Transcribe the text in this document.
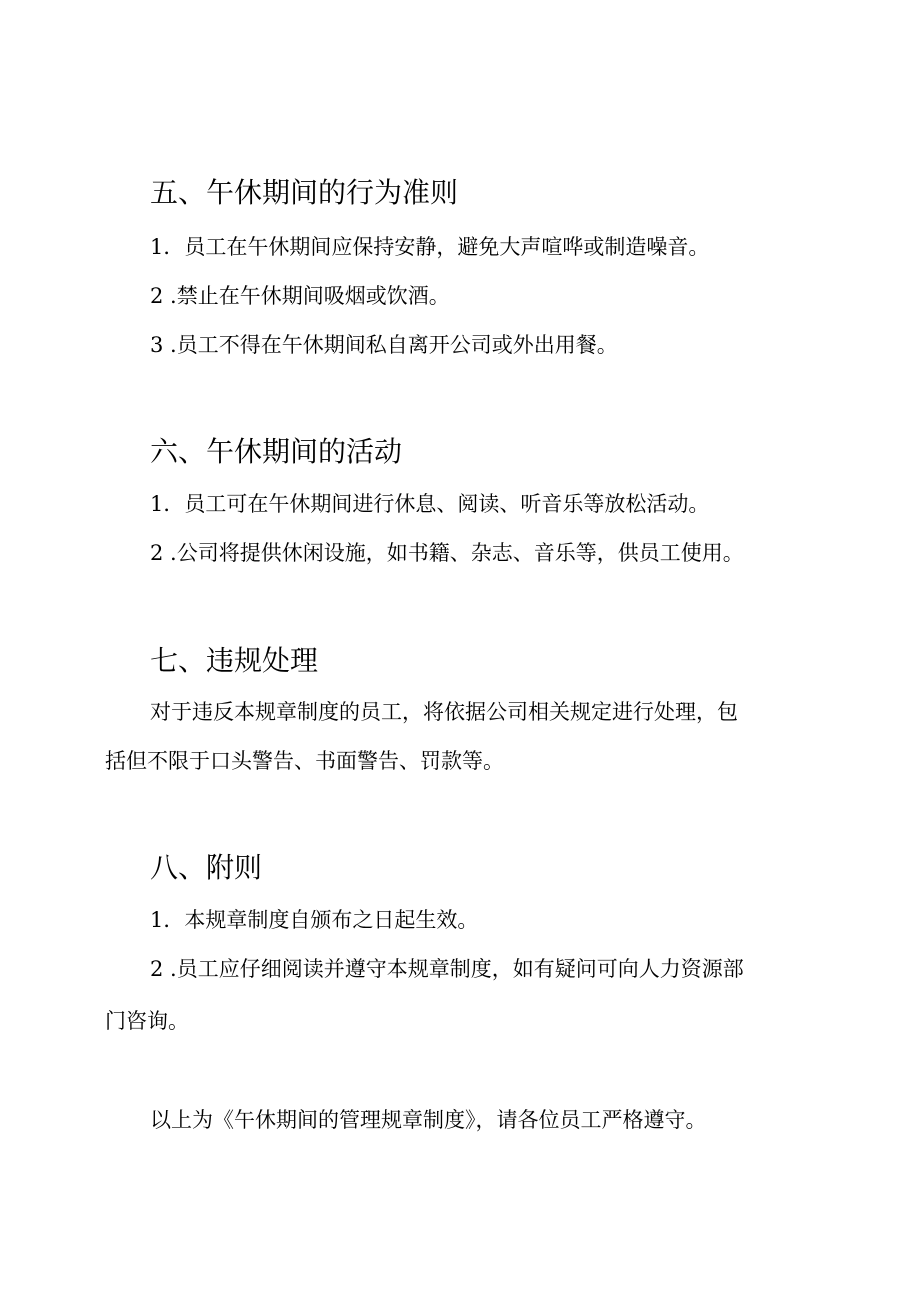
五、午休期间的行为准则
1．员工在午休期间应保持安静，避免大声喧哗或制造噪音。
2 .禁止在午休期间吸烟或饮酒。
3 .员工不得在午休期间私自离开公司或外出用餐。
六、午休期间的活动
1．员工可在午休期间进行休息、阅读、听音乐等放松活动。
2 .公司将提供休闲设施，如书籍、杂志、音乐等，供员工使用。
七、违规处理
对于违反本规章制度的员工，将依据公司相关规定进行处理，包
括但不限于口头警告、书面警告、罚款等。
八、附则
1．本规章制度自颁布之日起生效。
2 .员工应仔细阅读并遵守本规章制度，如有疑问可向人力资源部
门咨询。
以上为《午休期间的管理规章制度》，请各位员工严格遵守。
